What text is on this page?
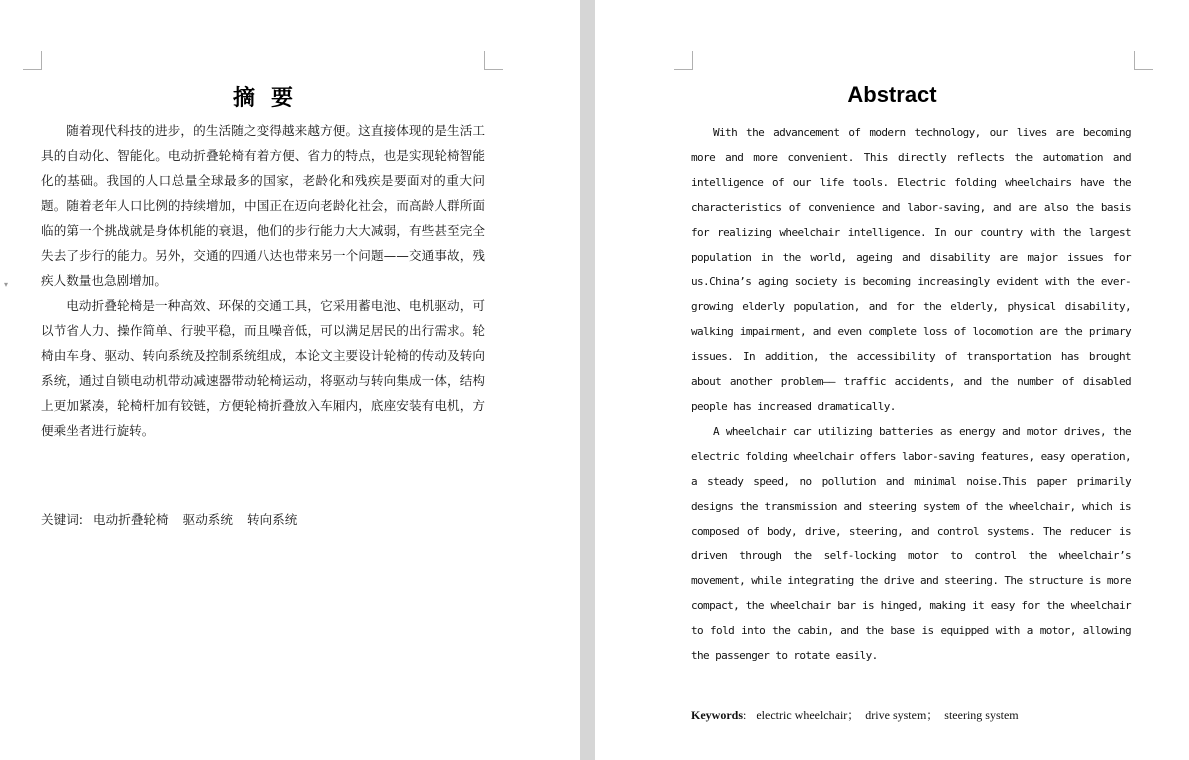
▾
摘 要

随着现代科技的进步，的生活随之变得越来越方便。这直接体现的是生活工具的自动化、智能化。电动折叠轮椅有着方便、省力的特点，也是实现轮椅智能化的基础。我国的人口总量全球最多的国家，老龄化和残疾是要面对的重大问题。随着老年人口比例的持续增加，中国正在迈向老龄化社会，而高龄人群所面临的第一个挑战就是身体机能的衰退，他们的步行能力大大减弱，有些甚至完全失去了步行的能力。另外，交通的四通八达也带来另一个问题——交通事故，残疾人数量也急剧增加。

电动折叠轮椅是一种高效、环保的交通工具，它采用蓄电池、电机驱动，可以节省人力、操作简单、行驶平稳，而且噪音低，可以满足居民的出行需求。轮椅由车身、驱动、转向系统及控制系统组成，本论文主要设计轮椅的传动及转向系统，通过自锁电动机带动减速器带动轮椅运动，将驱动与转向集成一体，结构上更加紧凑，轮椅杆加有铰链，方便轮椅折叠放入车厢内，底座安装有电机，方便乘坐者进行旋转。

关键词: 电动折叠轮椅 驱动系统 转向系统
Abstract

With the advancement of modern technology, our lives are becoming more and more convenient. This directly reflects the automation and intelligence of our life tools. Electric folding wheelchairs have the characteristics of convenience and labor-saving, and are also the basis for realizing wheelchair intelligence. In our country with the largest population in the world, ageing and disability are major issues for us.China’s aging society is becoming increasingly evident with the ever-growing elderly population, and for the elderly, physical disability, walking impairment, and even complete loss of locomotion are the primary issues. In addition, the accessibility of transportation has brought about another problem—— traffic accidents, and the number of disabled people has increased dramatically.

A wheelchair car utilizing batteries as energy and motor drives, the electric folding wheelchair offers labor-saving features, easy operation, a steady speed, no pollution and minimal noise.This paper primarily designs the transmission and steering system of the wheelchair, which is composed of body, drive, steering, and control systems. The reducer is driven through the self-locking motor to control the wheelchair’s movement, while integrating the drive and steering. The structure is more compact, the wheelchair bar is hinged, making it easy for the wheelchair to fold into the cabin, and the base is equipped with a motor, allowing the passenger to rotate easily.

Keywords: electric wheelchair； drive system； steering system
